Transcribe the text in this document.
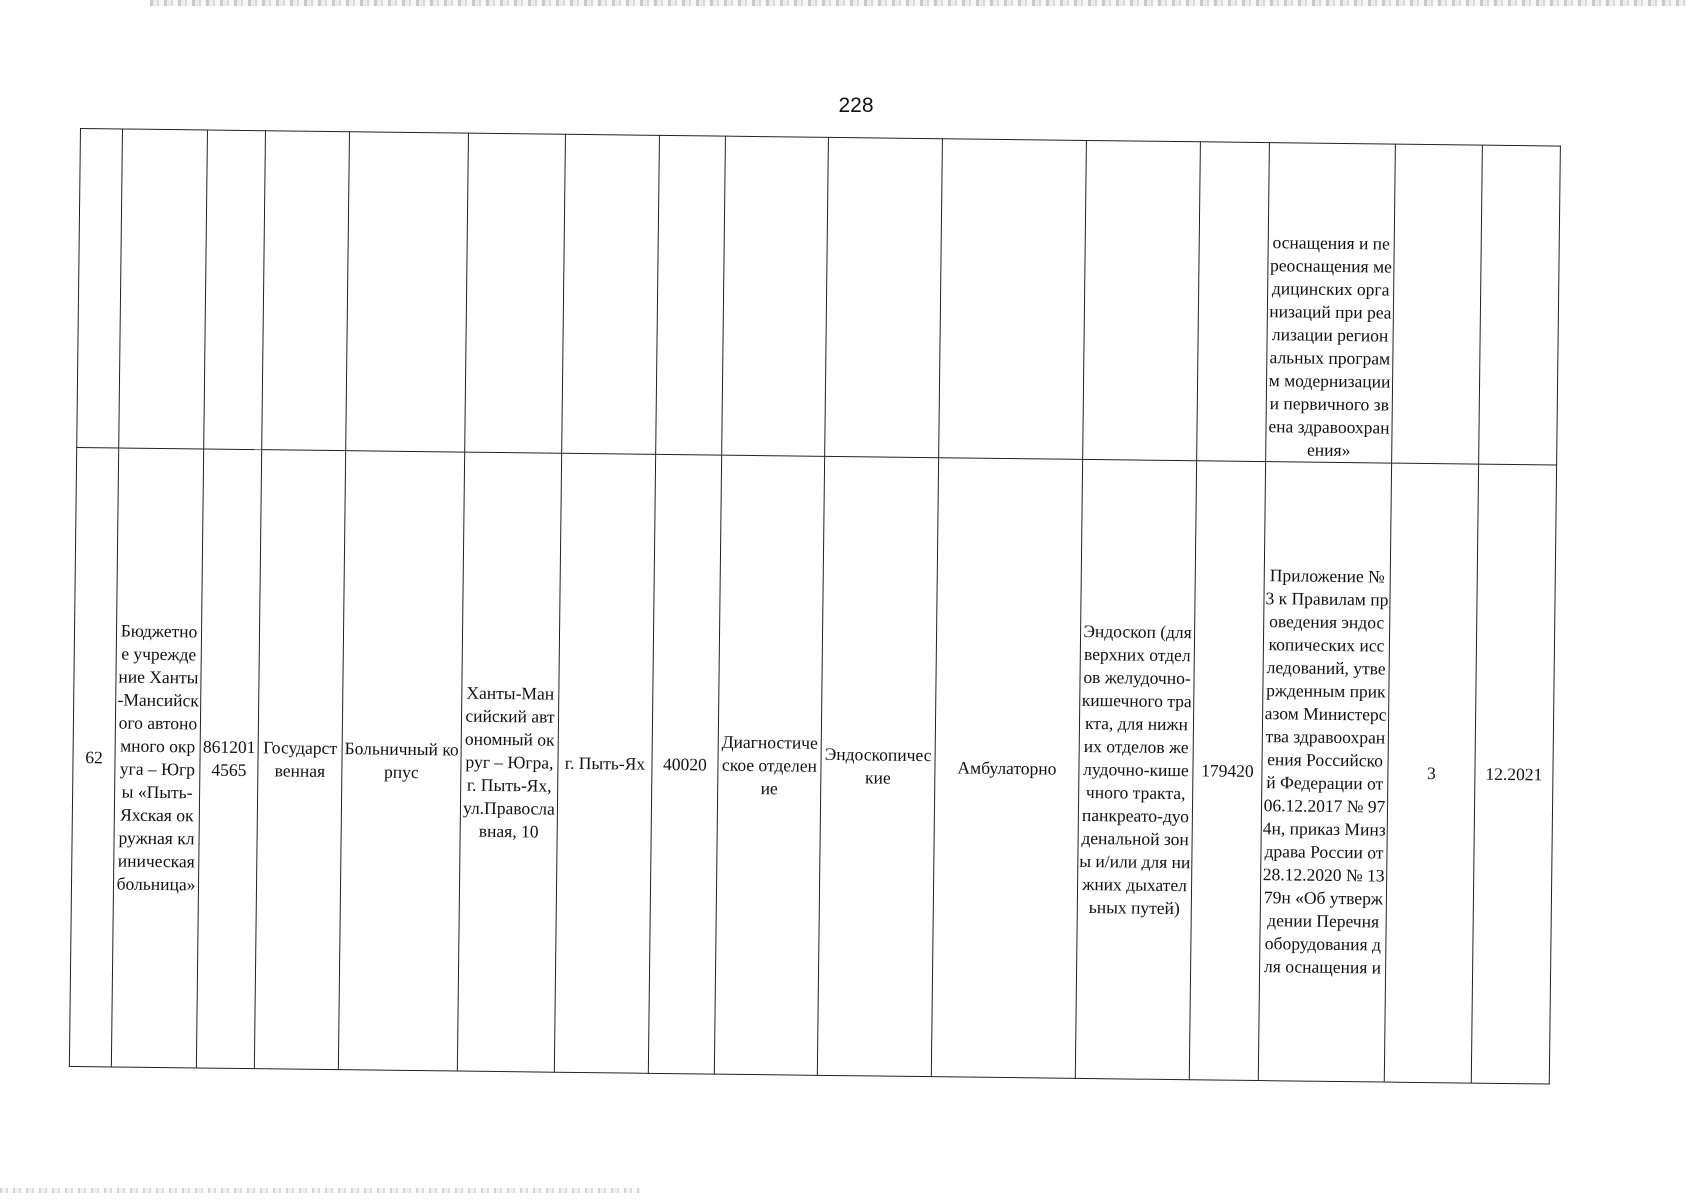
228
													оснащения и переоснащения медицинских организаций при реализации региональных программ модернизации и первичного звена здравоохранения»		
62	Бюджетное учреждение Ханты-Мансийского автономного округа – Югры «Пыть-Яхская окружная клиническая больница»	8612014565	Государственная	Больничный корпус	Ханты-Мансийский автономный округ – Югра, г. Пыть-Ях, ул.Православная, 10	г. Пыть-Ях	40020	Диагностическое отделение	Эндоскопические	Амбулаторно	Эндоскоп (для верхних отделов желудочно-кишечного тракта, для нижних отделов желудочно-кишечного тракта, панкреато-дуоденальной зоны и/или для нижних дыхательных путей)	179420	Приложение № 3 к Правилам проведения эндоскопических исследований, утвержденным приказом Министерства здравоохранения Российской Федерации от 06.12.2017 № 974н, приказ Минздрава России от 28.12.2020 № 1379н «Об утверждении Перечня оборудования для оснащения и	3	12.2021
